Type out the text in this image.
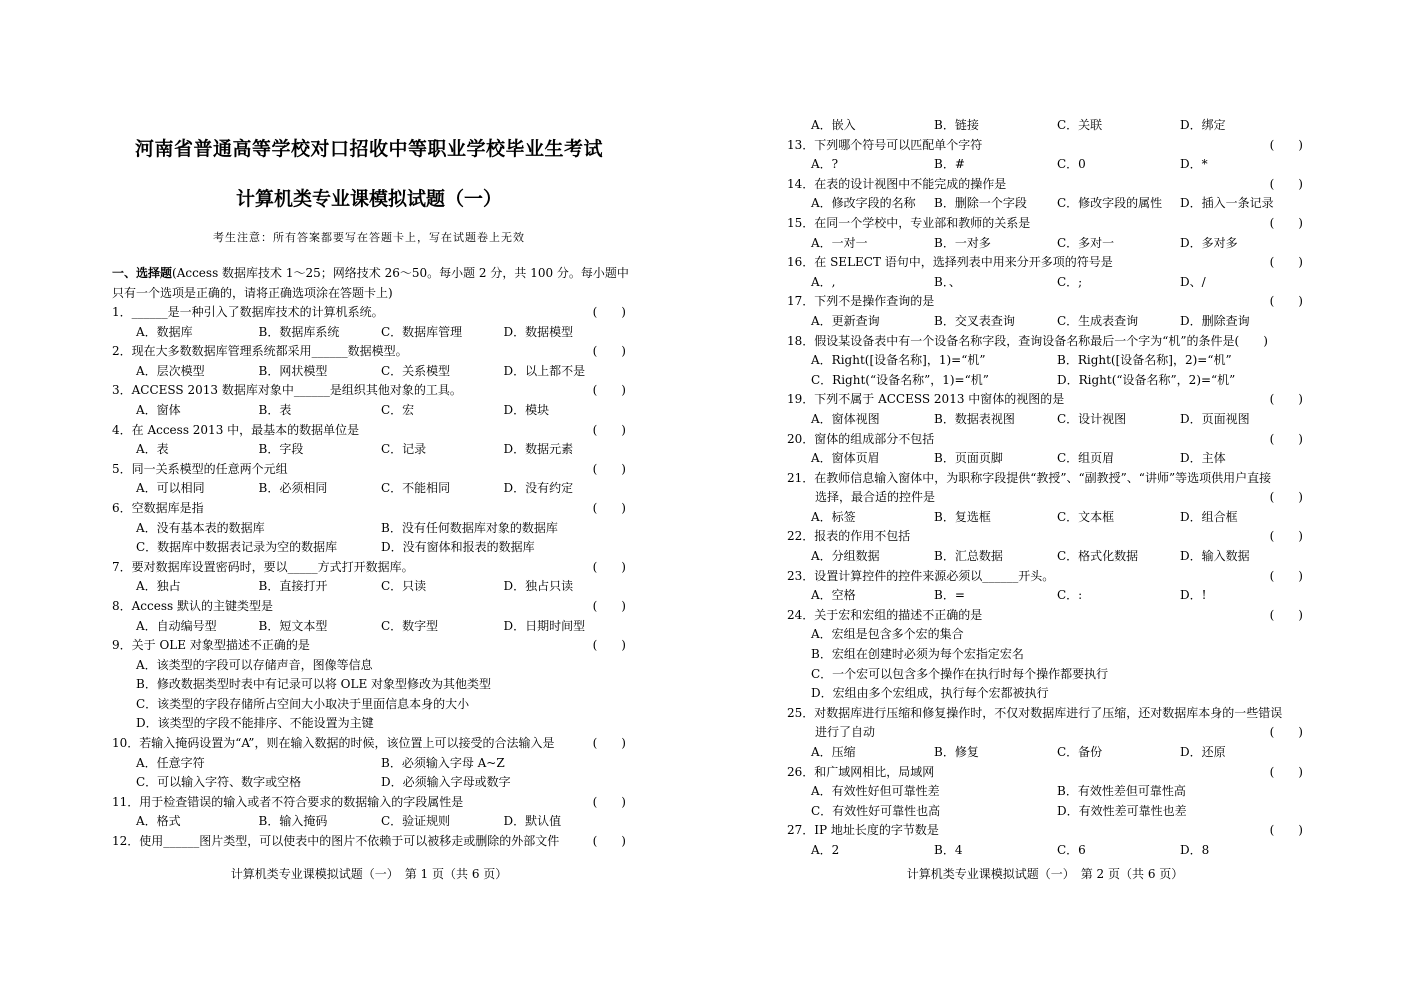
河南省普通高等学校对口招收中等职业学校毕业生考试
计算机类专业课模拟试题（一）
考生注意：所有答案都要写在答题卡上，写在试题卷上无效
一、选择题(Access 数据库技术 1～25；网络技术 26～50。每小题 2 分，共 100 分。每小题中
只有一个选项是正确的，请将正确选项涂在答题卡上)
1．______是一种引入了数据库技术的计算机系统。	(　　)
A．数据库	B．数据库系统	C．数据库管理	D．数据模型
2．现在大多数数据库管理系统都采用______数据模型。	(　　)
A．层次模型	B．网状模型	C．关系模型	D．以上都不是
3．ACCESS 2013 数据库对象中______是组织其他对象的工具。	(　　)
A．窗体	B．表	C．宏	D．模块
4．在 Access 2013 中，最基本的数据单位是	(　　)
A．表	B．字段	C．记录	D．数据元素
5．同一关系模型的任意两个元组	(　　)
A．可以相同	B．必须相同	C．不能相同	D．没有约定
6．空数据库是指	(　　)
A．没有基本表的数据库	B．没有任何数据库对象的数据库
C．数据库中数据表记录为空的数据库	D．没有窗体和报表的数据库
7．要对数据库设置密码时，要以_____方式打开数据库。	(　　)
A．独占	B．直接打开	C．只读	D．独占只读
8．Access 默认的主键类型是	(　　)
A．自动编号型	B．短文本型	C．数字型	D．日期时间型
9．关于 OLE 对象型描述不正确的是	(　　)
A．该类型的字段可以存储声音，图像等信息
B．修改数据类型时表中有记录可以将 OLE 对象型修改为其他类型
C．该类型的字段存储所占空间大小取决于里面信息本身的大小
D．该类型的字段不能排序、不能设置为主键
10．若输入掩码设置为“A”，则在输入数据的时候，该位置上可以接受的合法输入是	(　　)
A．任意字符	B．必须输入字母 A~Z
C．可以输入字符、数字或空格	D．必须输入字母或数字
11．用于检查错误的输入或者不符合要求的数据输入的字段属性是	(　　)
A．格式	B．输入掩码	C．验证规则	D．默认值
12．使用______图片类型，可以使表中的图片不依赖于可以被移走或删除的外部文件	(　　)
计算机类专业课模拟试题（一）　第 1 页（共 6 页）
A．嵌入	B．链接	C．关联	D．绑定
13．下列哪个符号可以匹配单个字符	(　　)
A．?	B．#	C．0	D．*
14．在表的设计视图中不能完成的操作是	(　　)
A．修改字段的名称	B．删除一个字段	C．修改字段的属性	D．插入一条记录
15．在同一个学校中，专业部和教师的关系是	(　　)
A．一对一	B．一对多	C．多对一	D．多对多
16．在 SELECT 语句中，选择列表中用来分开多项的符号是	(　　)
A．,	B．、	C．;	D、/
17．下列不是操作查询的是	(　　)
A．更新查询	B．交叉表查询	C．生成表查询	D．删除查询
18．假设某设备表中有一个设备名称字段，查询设备名称最后一个字为“机”的条件是(　　)
A．Right([设备名称]，1)=“机”	B．Right([设备名称]，2)=“机”
C．Right(“设备名称”，1)=“机”	D．Right(“设备名称”，2)=“机”
19．下列不属于 ACCESS 2013 中窗体的视图的是	(　　)
A．窗体视图	B．数据表视图	C．设计视图	D．页面视图
20．窗体的组成部分不包括	(　　)
A．窗体页眉	B．页面页脚	C．组页眉	D．主体
21．在教师信息输入窗体中，为职称字段提供“教授”、“副教授”、“讲师”等选项供用户直接
选择，最合适的控件是	(　　)
A．标签	B．复选框	C．文本框	D．组合框
22．报表的作用不包括	(　　)
A．分组数据	B．汇总数据	C．格式化数据	D．输入数据
23．设置计算控件的控件来源必须以______开头。	(　　)
A．空格	B．=	C．:	D．!
24．关于宏和宏组的描述不正确的是	(　　)
A．宏组是包含多个宏的集合
B．宏组在创建时必须为每个宏指定宏名
C．一个宏可以包含多个操作在执行时每个操作都要执行
D．宏组由多个宏组成，执行每个宏都被执行
25．对数据库进行压缩和修复操作时，不仅对数据库进行了压缩，还对数据库本身的一些错误
进行了自动	(　　)
A．压缩	B．修复	C．备份	D．还原
26．和广域网相比，局域网	(　　)
A．有效性好但可靠性差	B．有效性差但可靠性高
C．有效性好可靠性也高	D．有效性差可靠性也差
27．IP 地址长度的字节数是	(　　)
A．2	B．4	C．6	D．8
计算机类专业课模拟试题（一）　第 2 页（共 6 页）
